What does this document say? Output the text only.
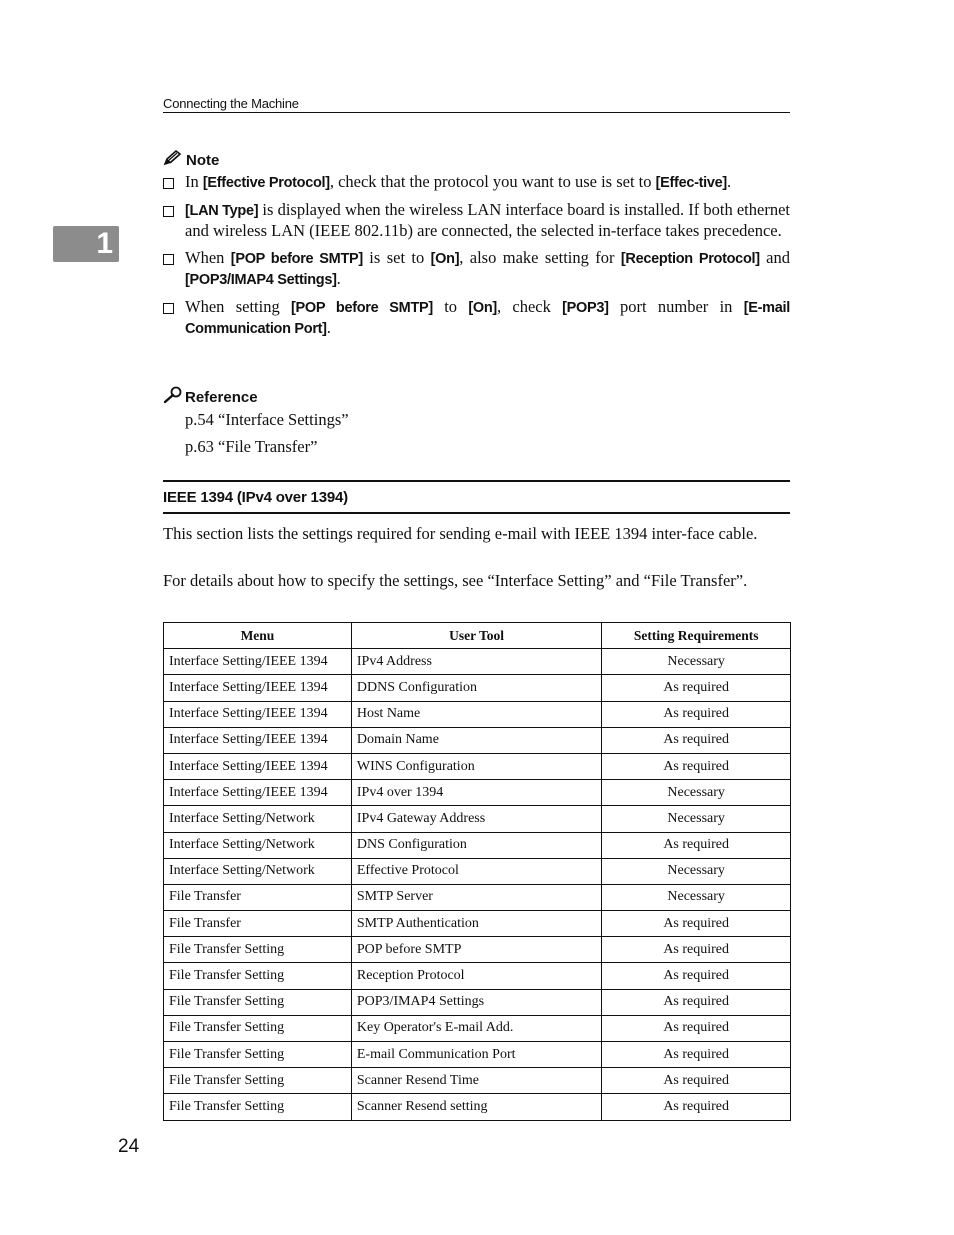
Connecting the Machine
1
Note
In [Effective Protocol], check that the protocol you want to use is set to [Effec-tive].
[LAN Type] is displayed when the wireless LAN interface board is installed. If both ethernet and wireless LAN (IEEE 802.11b) are connected, the selected in-terface takes precedence.
When [POP before SMTP] is set to [On], also make setting for [Reception Protocol] and [POP3/IMAP4 Settings].
When setting [POP before SMTP] to [On], check [POP3] port number in [E-mail Communication Port].
Reference
p.54 “Interface Settings”
p.63 “File Transfer”
IEEE 1394 (IPv4 over 1394)
This section lists the settings required for sending e-mail with IEEE 1394 inter-face cable.
For details about how to specify the settings, see “Interface Setting” and “File Transfer”.
Menu	User Tool	Setting Requirements
Interface Setting/IEEE 1394	IPv4 Address	Necessary
Interface Setting/IEEE 1394	DDNS Configuration	As required
Interface Setting/IEEE 1394	Host Name	As required
Interface Setting/IEEE 1394	Domain Name	As required
Interface Setting/IEEE 1394	WINS Configuration	As required
Interface Setting/IEEE 1394	IPv4 over 1394	Necessary
Interface Setting/Network	IPv4 Gateway Address	Necessary
Interface Setting/Network	DNS Configuration	As required
Interface Setting/Network	Effective Protocol	Necessary
File Transfer	SMTP Server	Necessary
File Transfer	SMTP Authentication	As required
File Transfer Setting	POP before SMTP	As required
File Transfer Setting	Reception Protocol	As required
File Transfer Setting	POP3/IMAP4 Settings	As required
File Transfer Setting	Key Operator's E-mail Add.	As required
File Transfer Setting	E-mail Communication Port	As required
File Transfer Setting	Scanner Resend Time	As required
File Transfer Setting	Scanner Resend setting	As required
24
